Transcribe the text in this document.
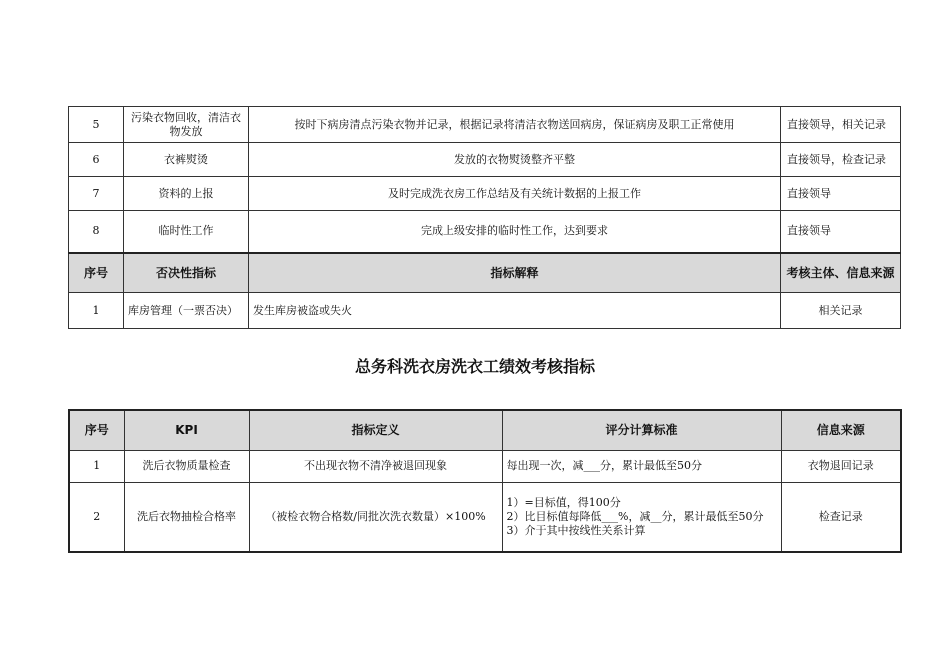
5	污染衣物回收，清洁衣物发放	按时下病房清点污染衣物并记录，根据记录将清洁衣物送回病房，保证病房及职工正常使用	直接领导，相关记录
6	衣裤熨烫	发放的衣物熨烫整齐平整	直接领导，检查记录
7	资料的上报	及时完成洗衣房工作总结及有关统计数据的上报工作	直接领导
8	临时性工作	完成上级安排的临时性工作，达到要求	直接领导
序号	否决性指标	指标解释	考核主体、信息来源
1	库房管理（一票否决）	发生库房被盗或失火	相关记录
总务科洗衣房洗衣工绩效考核指标
序号	KPI	指标定义	评分计算标准	信息来源
1	洗后衣物质量检查	不出现衣物不清净被退回现象	每出现一次，减___分，累计最低至50分	衣物退回记录
2	洗后衣物抽检合格率	（被检衣物合格数/同批次洗衣数量）×100%	1）=目标值，得100分
2）比目标值每降低___%，减__分，累计最低至50分
3）介于其中按线性关系计算	检查记录
